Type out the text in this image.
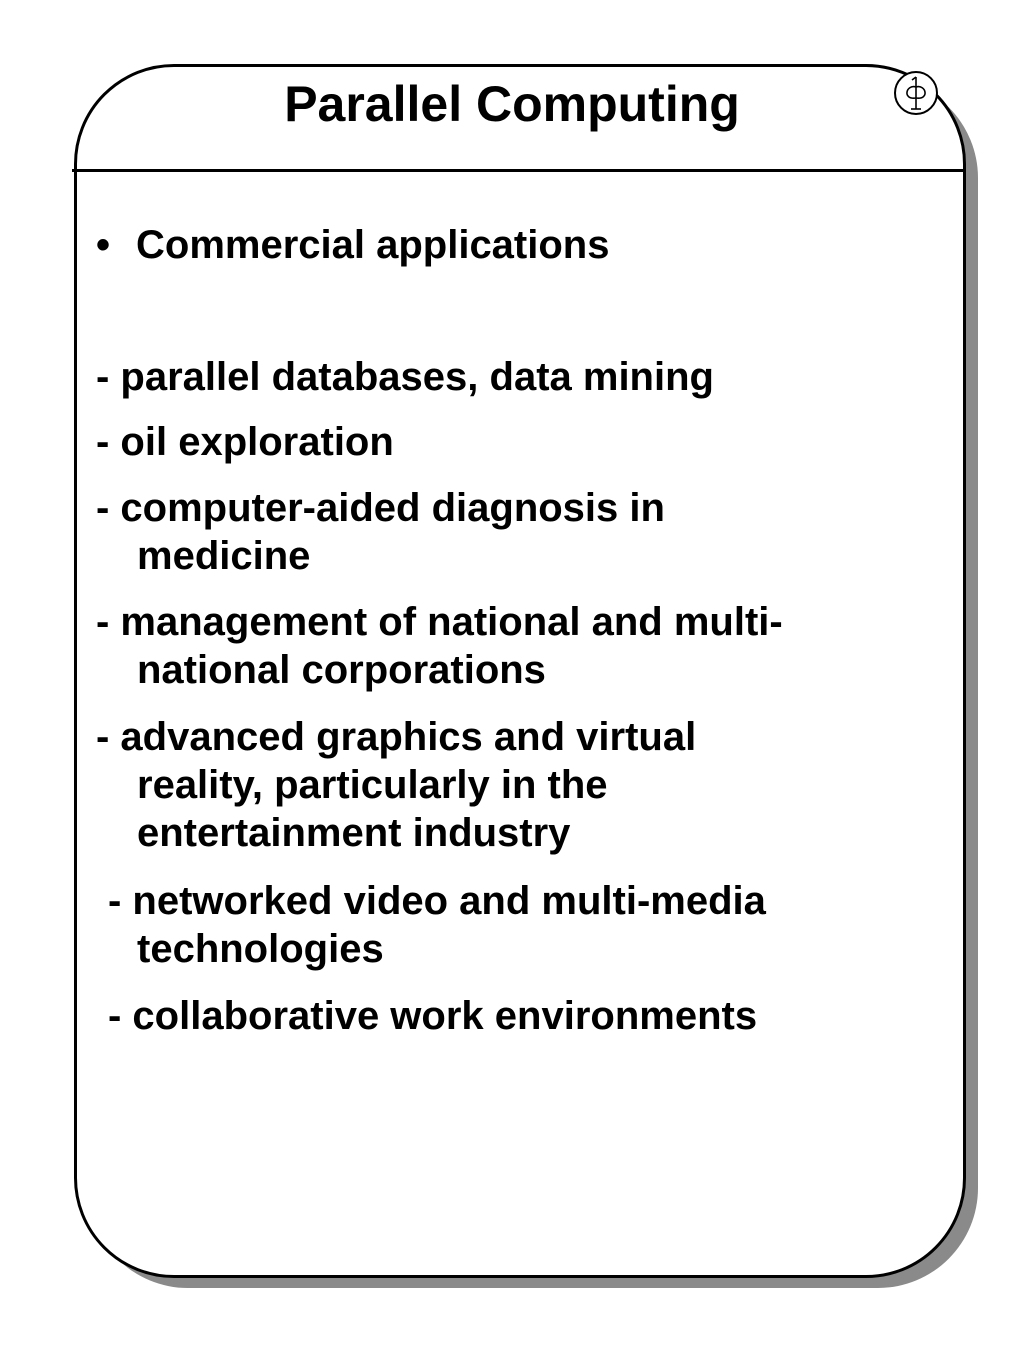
Parallel Computing
• Commercial applications
- parallel databases, data mining
- oil exploration
- computer-aided diagnosis in
medicine
- management of national and multi-
national corporations
- advanced graphics and virtual
reality, particularly in the
entertainment industry
- networked video and multi-media
technologies
- collaborative work environments
